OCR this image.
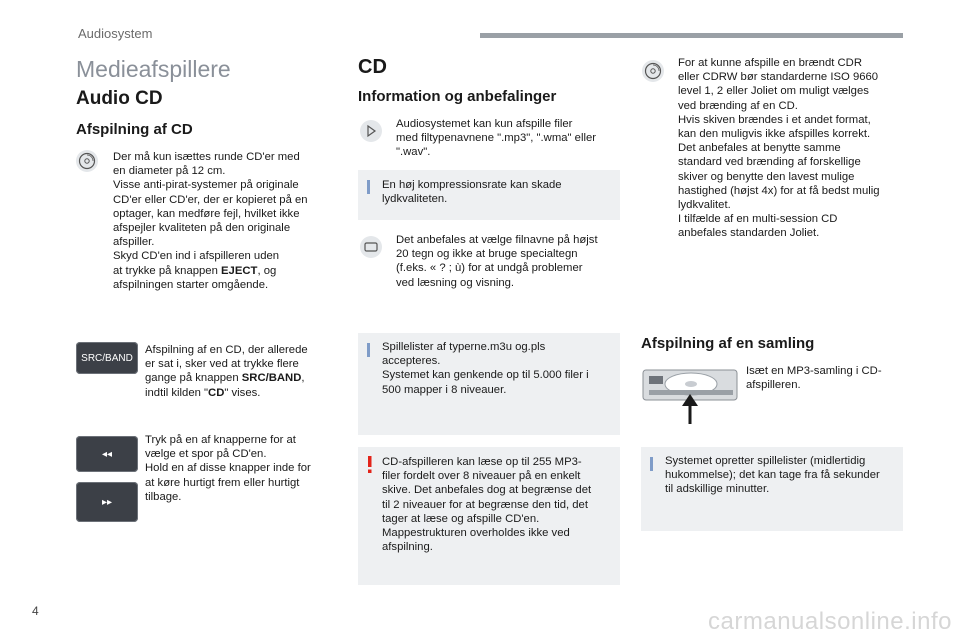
Audiosystem
Medieafspillere
Audio CD
Afspilning af CD
Der må kun isættes runde CD'er med
en diameter på 12 cm.
Visse anti-pirat-systemer på originale
CD'er eller CD'er, der er kopieret på en
optager, kan medføre fejl, hvilket ikke
afspejler kvaliteten på den originale
afspiller.
Skyd CD'en ind i afspilleren uden
at trykke på knappen EJECT, og
afspilningen starter omgående.
SRC/BAND
Afspilning af en CD, der allerede
er sat i, sker ved at trykke flere
gange på knappen SRC/BAND,
indtil kilden "CD" vises.
◂◂
▸▸
Tryk på en af knapperne for at
vælge et spor på CD'en.
Hold en af disse knapper inde for
at køre hurtigt frem eller hurtigt
tilbage.
CD
Information og anbefalinger
Audiosystemet kan kun afspille filer
med filtypenavnene ".mp3", ".wma" eller
".wav".
En høj kompressionsrate kan skade
lydkvaliteten.
Det anbefales at vælge filnavne på højst
20 tegn og ikke at bruge specialtegn
(f.eks. « ? ; ù) for at undgå problemer
ved læsning og visning.
Spillelister af typerne.m3u og.pls
accepteres.
Systemet kan genkende op til 5.000 filer i
500 mapper i 8 niveauer.
CD-afspilleren kan læse op til 255 MP3-
filer fordelt over 8 niveauer på en enkelt
skive. Det anbefales dog at begrænse det
til 2 niveauer for at begrænse den tid, det
tager at læse og afspille CD'en.
Mappestrukturen overholdes ikke ved
afspilning.
For at kunne afspille en brændt CDR
eller CDRW bør standarderne ISO 9660
level 1, 2 eller Joliet om muligt vælges
ved brænding af en CD.
Hvis skiven brændes i et andet format,
kan den muligvis ikke afspilles korrekt.
Det anbefales at benytte samme
standard ved brænding af forskellige
skiver og benytte den lavest mulige
hastighed (højst 4x) for at få bedst mulig
lydkvalitet.
I tilfælde af en multi-session CD
anbefales standarden Joliet.
Afspilning af en samling
Isæt en MP3-samling i CD-
afspilleren.
Systemet opretter spillelister (midlertidig
hukommelse); det kan tage fra få sekunder
til adskillige minutter.
4	carmanualsonline.info
